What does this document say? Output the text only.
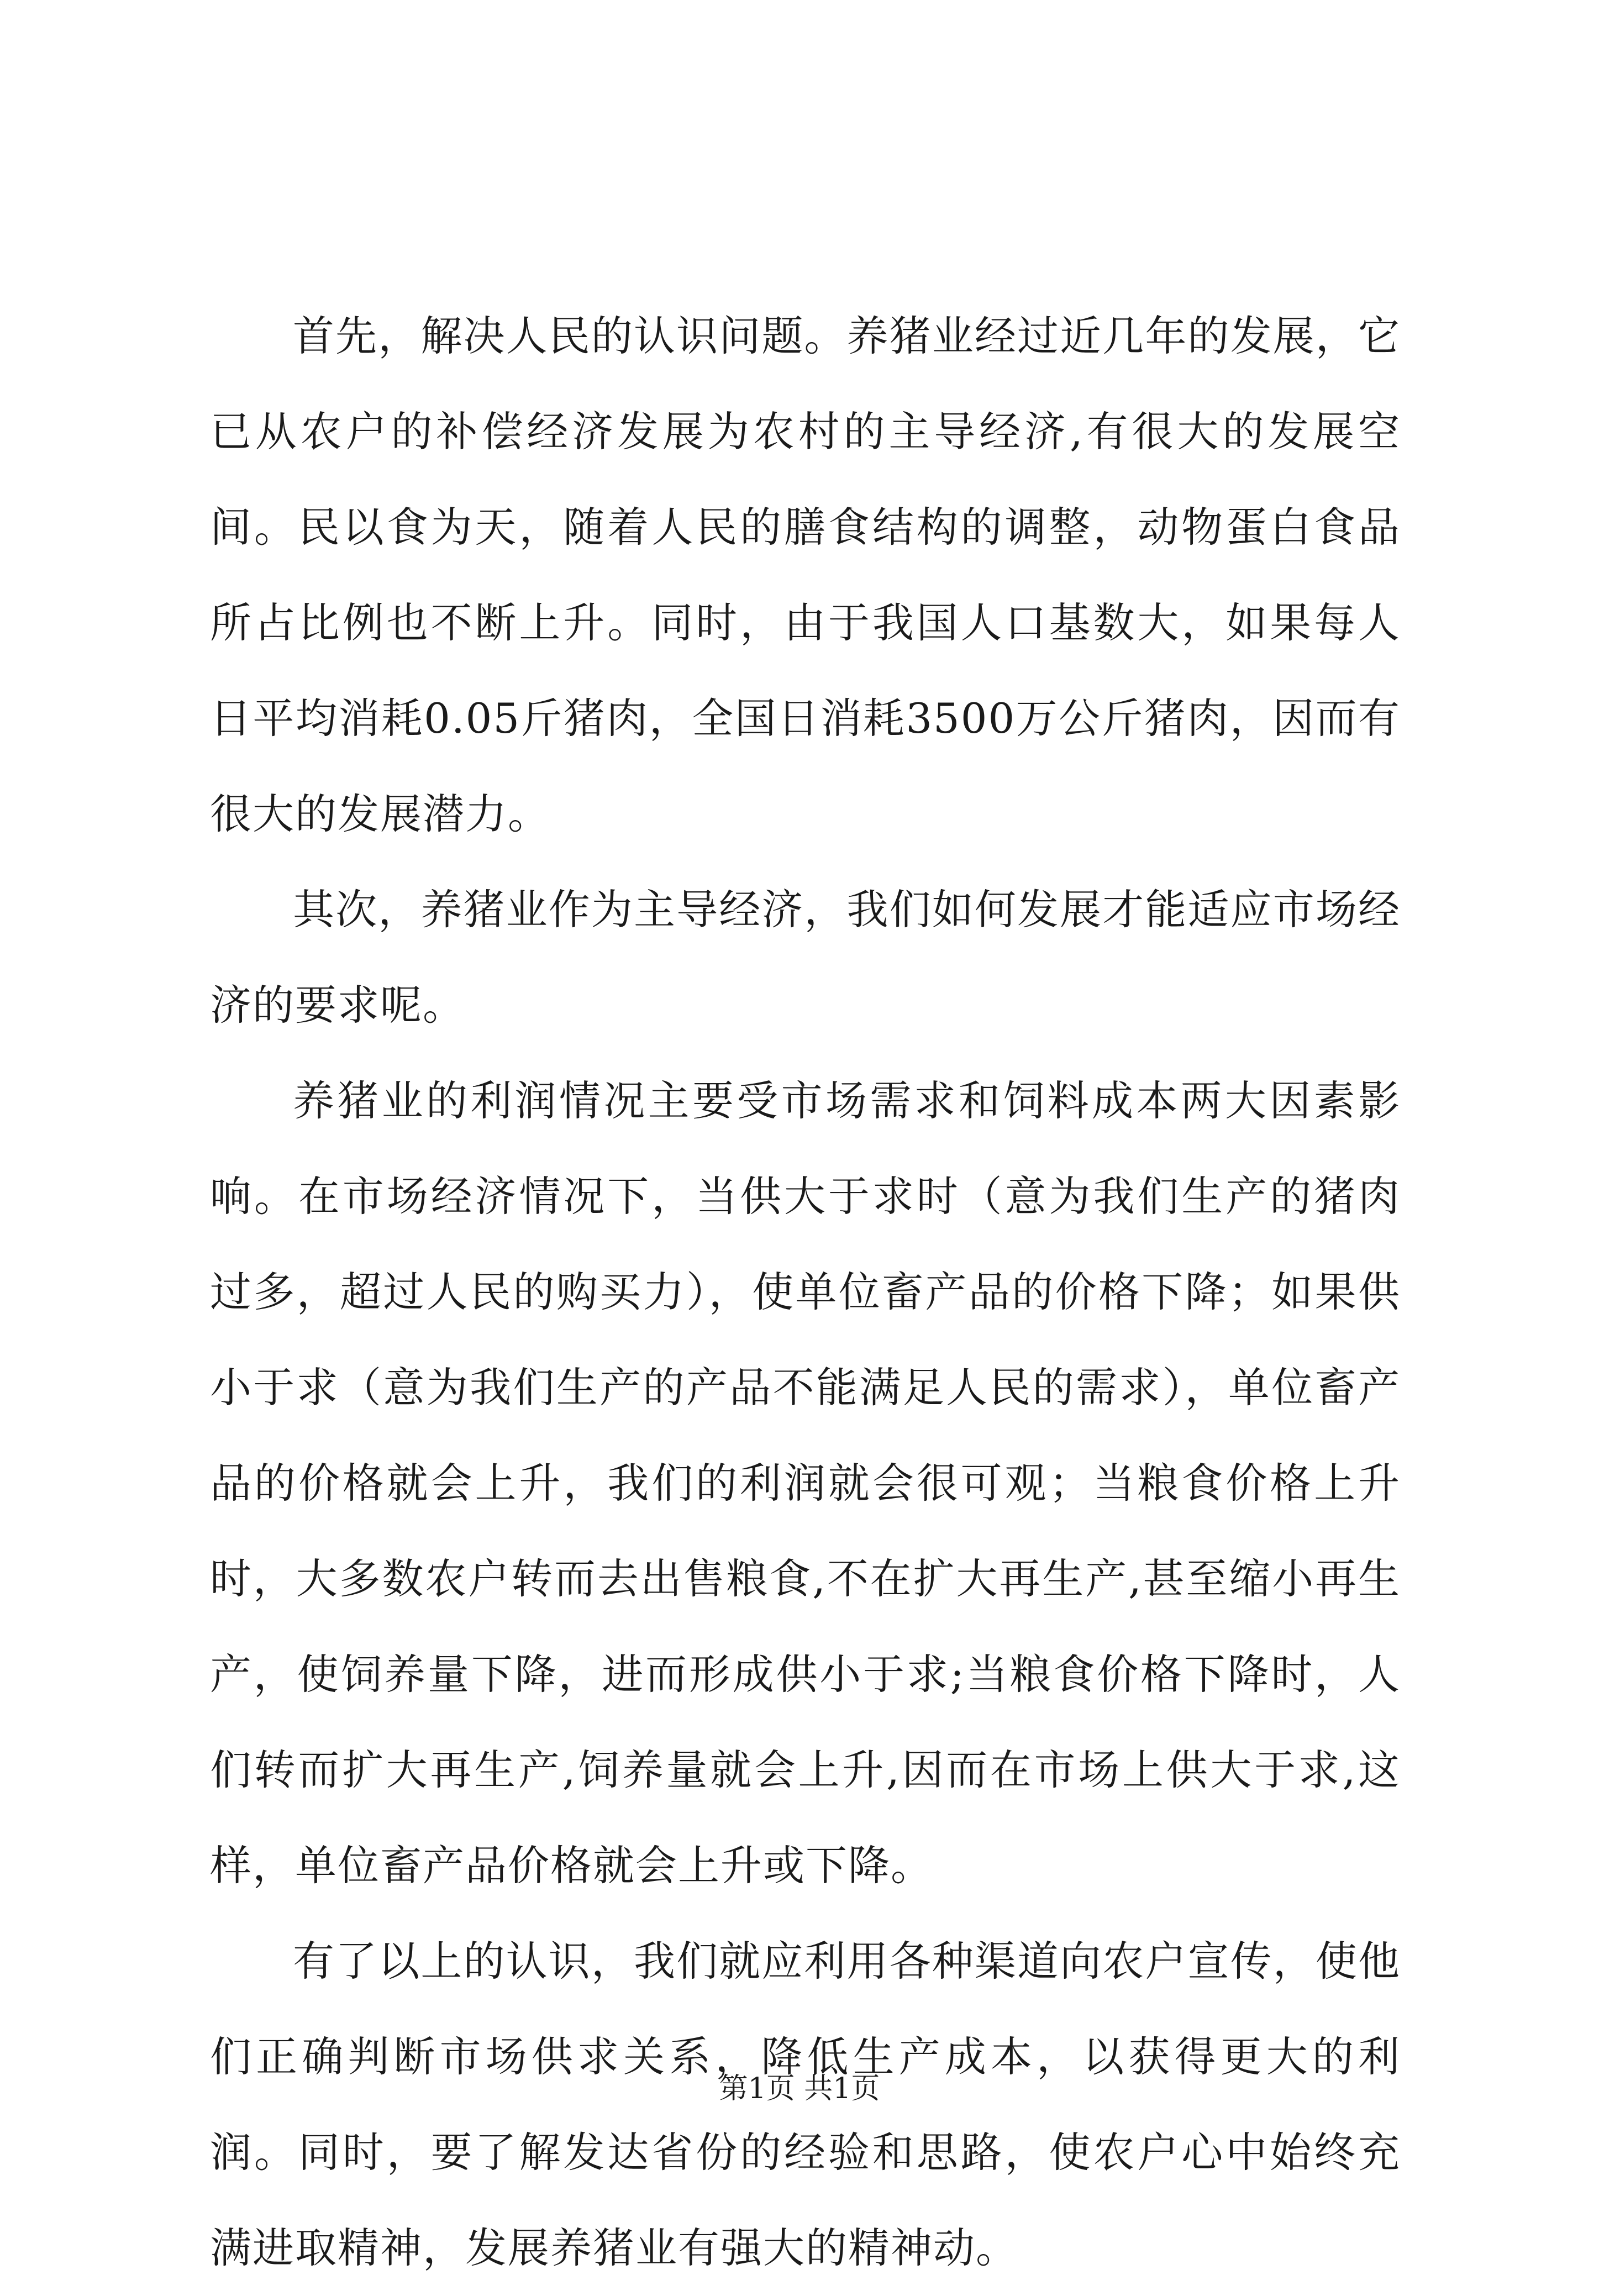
首先，解决人民的认识问题。养猪业经过近几年的发展，它已从农户的补偿经济发展为农村的主导经济,有很大的发展空间。民以食为天，随着人民的膳食结构的调整，动物蛋白食品所占比例也不断上升。同时，由于我国人口基数大，如果每人日平均消耗0.05斤猪肉，全国日消耗3500万公斤猪肉，因而有很大的发展潜力。

其次，养猪业作为主导经济，我们如何发展才能适应市场经济的要求呢。

养猪业的利润情况主要受市场需求和饲料成本两大因素影响。在市场经济情况下，当供大于求时（意为我们生产的猪肉过多，超过人民的购买力），使单位畜产品的价格下降；如果供小于求（意为我们生产的产品不能满足人民的需求），单位畜产品的价格就会上升，我们的利润就会很可观；当粮食价格上升时，大多数农户转而去出售粮食,不在扩大再生产,甚至缩小再生产，使饲养量下降，进而形成供小于求;当粮食价格下降时，人们转而扩大再生产,饲养量就会上升,因而在市场上供大于求,这样，单位畜产品价格就会上升或下降。

有了以上的认识，我们就应利用各种渠道向农户宣传，使他们正确判断市场供求关系，降低生产成本，以获得更大的利润。同时，要了解发达省份的经验和思路，使农户心中始终充满进取精神，发展养猪业有强大的精神动。

第1页 共1页
